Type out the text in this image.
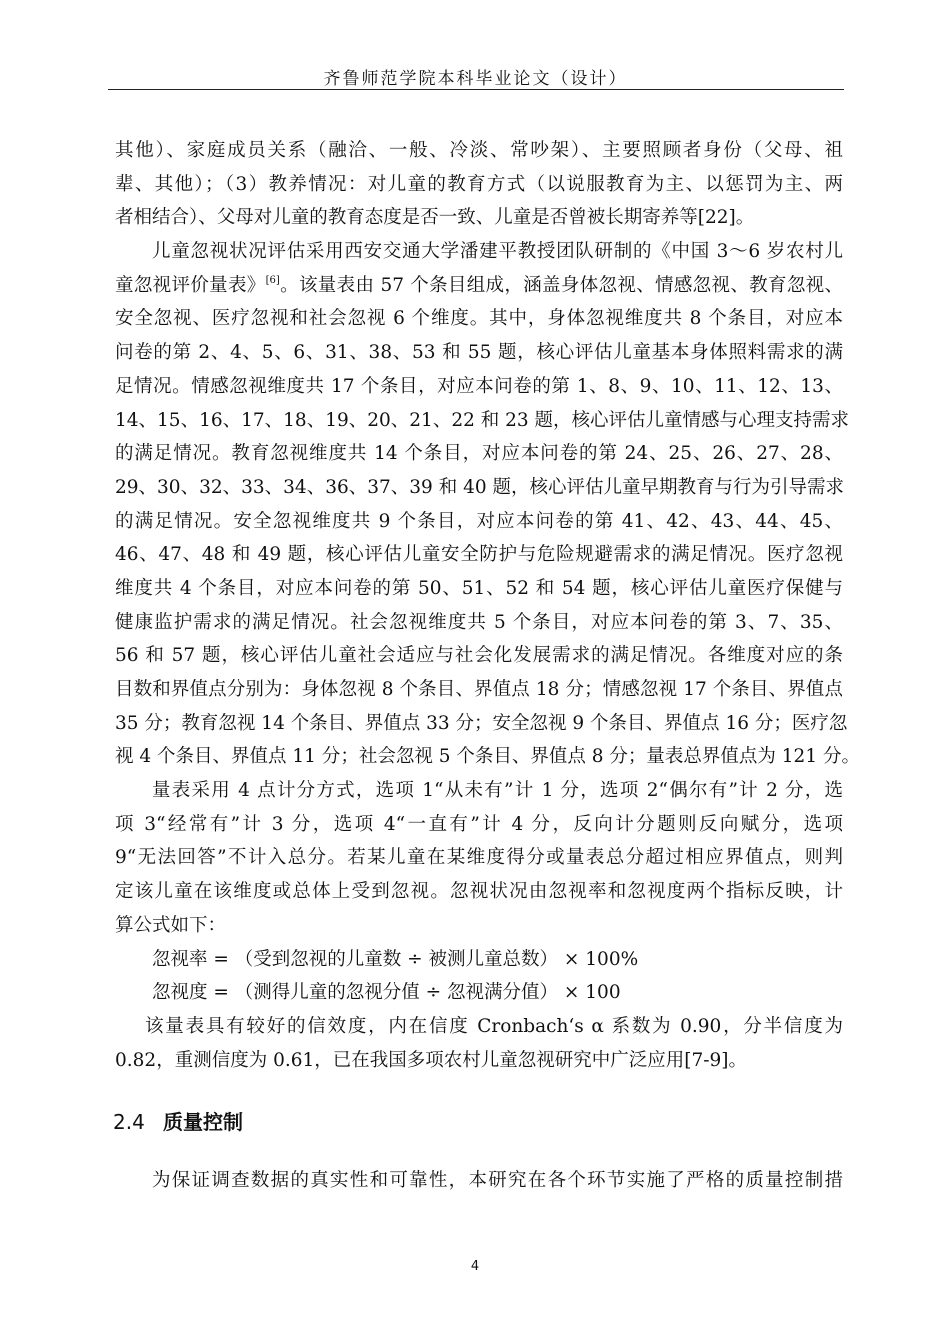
齐鲁师范学院本科毕业论文（设计）
其他）、家庭成员关系（融洽、一般、冷淡、常吵架）、主要照顾者身份（父母、祖
辈、其他）；（3）教养情况：对儿童的教育方式（以说服教育为主、以惩罚为主、两
者相结合）、父母对儿童的教育态度是否一致、儿童是否曾被长期寄养等[22]。
儿童忽视状况评估采用西安交通大学潘建平教授团队研制的《中国 3～6 岁农村儿
童忽视评价量表》[6]。该量表由 57 个条目组成，涵盖身体忽视、情感忽视、教育忽视、
安全忽视、医疗忽视和社会忽视 6 个维度。其中，身体忽视维度共 8 个条目，对应本
问卷的第 2、4、5、6、31、38、53 和 55 题，核心评估儿童基本身体照料需求的满
足情况。情感忽视维度共 17 个条目，对应本问卷的第 1、8、9、10、11、12、13、
14、15、16、17、18、19、20、21、22 和 23 题，核心评估儿童情感与心理支持需求
的满足情况。教育忽视维度共 14 个条目，对应本问卷的第 24、25、26、27、28、
29、30、32、33、34、36、37、39 和 40 题，核心评估儿童早期教育与行为引导需求
的满足情况。安全忽视维度共 9 个条目，对应本问卷的第 41、42、43、44、45、
46、47、48 和 49 题，核心评估儿童安全防护与危险规避需求的满足情况。医疗忽视
维度共 4 个条目，对应本问卷的第 50、51、52 和 54 题，核心评估儿童医疗保健与
健康监护需求的满足情况。社会忽视维度共 5 个条目，对应本问卷的第 3、7、35、
56 和 57 题，核心评估儿童社会适应与社会化发展需求的满足情况。各维度对应的条
目数和界值点分别为：身体忽视 8 个条目、界值点 18 分；情感忽视 17 个条目、界值点
35 分；教育忽视 14 个条目、界值点 33 分；安全忽视 9 个条目、界值点 16 分；医疗忽
视 4 个条目、界值点 11 分；社会忽视 5 个条目、界值点 8 分；量表总界值点为 121 分。
量表采用 4 点计分方式，选项 1“从未有”计 1 分，选项 2“偶尔有”计 2 分，选
项 3“经常有”计 3 分，选项 4“一直有”计 4 分，反向计分题则反向赋分，选项
9“无法回答”不计入总分。若某儿童在某维度得分或量表总分超过相应界值点，则判
定该儿童在该维度或总体上受到忽视。忽视状况由忽视率和忽视度两个指标反映，计
算公式如下：
忽视率 = （受到忽视的儿童数 ÷ 被测儿童总数） × 100%
忽视度 = （测得儿童的忽视分值 ÷ 忽视满分值） × 100
该量表具有较好的信效度，内在信度 Cronbach‘s α 系数为 0.90，分半信度为
0.82，重测信度为 0.61，已在我国多项农村儿童忽视研究中广泛应用[7-9]。
2.4 质量控制
为保证调查数据的真实性和可靠性，本研究在各个环节实施了严格的质量控制措
4
